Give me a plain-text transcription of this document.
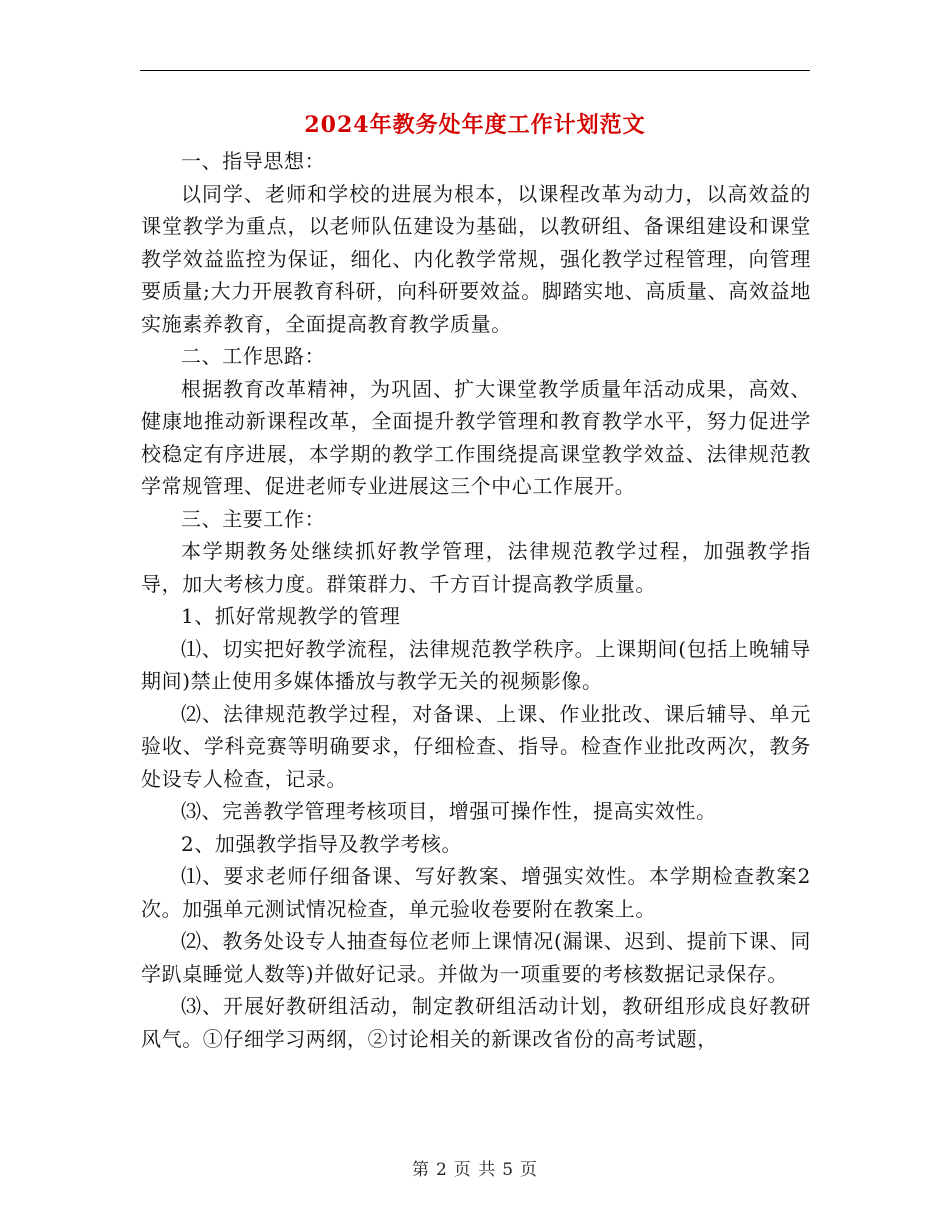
2024年教务处年度工作计划范文

一、指导思想：

以同学、老师和学校的进展为根本，以课程改革为动力，以高效益的课堂教学为重点，以老师队伍建设为基础，以教研组、备课组建设和课堂教学效益监控为保证，细化、内化教学常规，强化教学过程管理，向管理要质量;大力开展教育科研，向科研要效益。脚踏实地、高质量、高效益地实施素养教育，全面提高教育教学质量。

二、工作思路：

根据教育改革精神，为巩固、扩大课堂教学质量年活动成果，高效、健康地推动新课程改革，全面提升教学管理和教育教学水平，努力促进学校稳定有序进展，本学期的教学工作围绕提高课堂教学效益、法律规范教学常规管理、促进老师专业进展这三个中心工作展开。

三、主要工作：

本学期教务处继续抓好教学管理，法律规范教学过程，加强教学指导，加大考核力度。群策群力、千方百计提高教学质量。

1、抓好常规教学的管理

⑴、切实把好教学流程，法律规范教学秩序。上课期间(包括上晚辅导期间)禁止使用多媒体播放与教学无关的视频影像。

⑵、法律规范教学过程，对备课、上课、作业批改、课后辅导、单元验收、学科竞赛等明确要求，仔细检查、指导。检查作业批改两次，教务处设专人检查，记录。

⑶、完善教学管理考核项目，增强可操作性，提高实效性。

2、加强教学指导及教学考核。

⑴、要求老师仔细备课、写好教案、增强实效性。本学期检查教案2次。加强单元测试情况检查，单元验收卷要附在教案上。

⑵、教务处设专人抽查每位老师上课情况(漏课、迟到、提前下课、同学趴桌睡觉人数等)并做好记录。并做为一项重要的考核数据记录保存。

⑶、开展好教研组活动，制定教研组活动计划，教研组形成良好教研风气。①仔细学习两纲，②讨论相关的新课改省份的高考试题，

第 2 页 共 5 页
